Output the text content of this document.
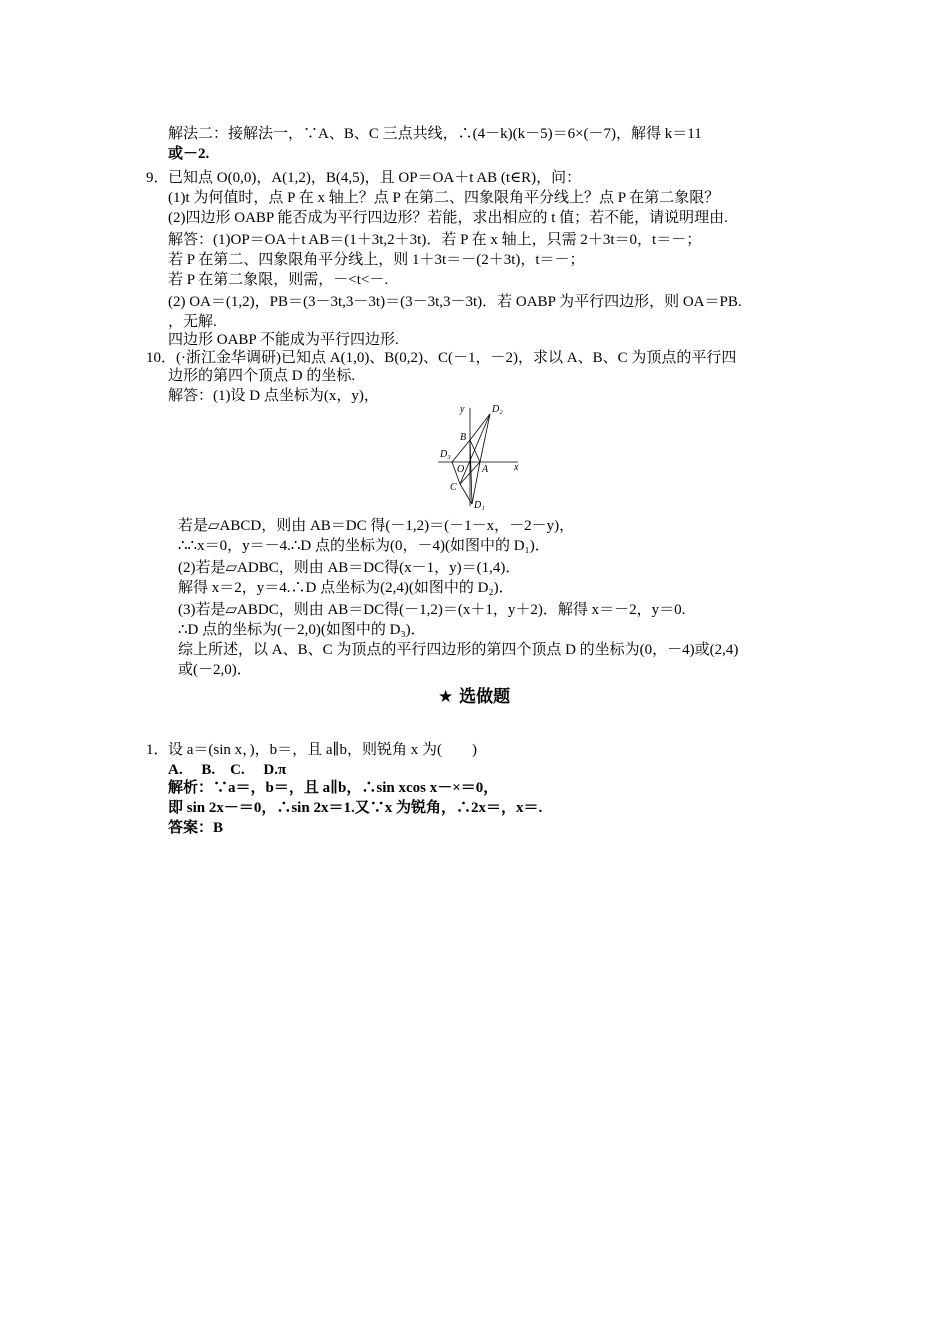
解法二：接解法一，∵A、B、C 三点共线，∴(4－k)(k－5)＝6×(－7)，解得 k＝11
或－2.
9． 已知点 O(0,0)，A(1,2)，B(4,5)，且 OP＝OA＋t AB (t∈R)，问：
(1)t 为何值时，点 P 在 x 轴上？点 P 在第二、四象限角平分线上？点 P 在第二象限？
(2)四边形 OABP 能否成为平行四边形？若能，求出相应的 t 值；若不能，请说明理由.
解答：(1)OP＝OA＋t AB＝(1＋3t,2＋3t)．若 P 在 x 轴上，只需 2＋3t＝0，t＝－；
若 P 在第二、四象限角平分线上，则 1＋3t＝－(2＋3t)，t＝－；
若 P 在第二象限，则需，－<t<－.
(2) OA＝(1,2)，PB＝(3－3t,3－3t)＝(3－3t,3－3t)．若 OABP 为平行四边形，则 OA＝PB.
，无解.
四边形 OABP 不能成为平行四边形.
10． (·浙江金华调研)已知点 A(1,0)、B(0,2)、C(－1，－2)，求以 A、B、C 为顶点的平行四
边形的第四个顶点 D 的坐标.
解答：(1)设 D 点坐标为(x，y)，
y	D₂
B
D₃
O A	x
C
D₁
若是▱ABCD，则由 AB＝DC 得(－1,2)＝(－1－x，－2－y)，
∴∴x＝0，y＝－4.∴D 点的坐标为(0，－4)(如图中的 D₁)．
(2)若是▱ADBC，则由 AB＝DC得(x－1，y)＝(1,4)．
解得 x＝2，y＝4.∴D 点坐标为(2,4)(如图中的 D₂)．
(3)若是▱ABDC，则由 AB＝DC得(－1,2)＝(x＋1，y＋2)．解得 x＝－2，y＝0.
∴D 点的坐标为(－2,0)(如图中的 D₃)．
综上所述，以 A、B、C 为顶点的平行四边形的第四个顶点 D 的坐标为(0，－4)或(2,4)
或(－2,0)．
★ 选做题
1． 设 a＝(sin x，)，b＝，且 a∥b，则锐角 x 为(　　)
A.　 B.　C.　 D.π
解析：∵a＝，b＝，且 a∥b，∴sin xcos x－×＝0，
即 sin 2x－＝0，∴sin 2x＝1.又∵x 为锐角，∴2x＝，x＝.
答案：B
